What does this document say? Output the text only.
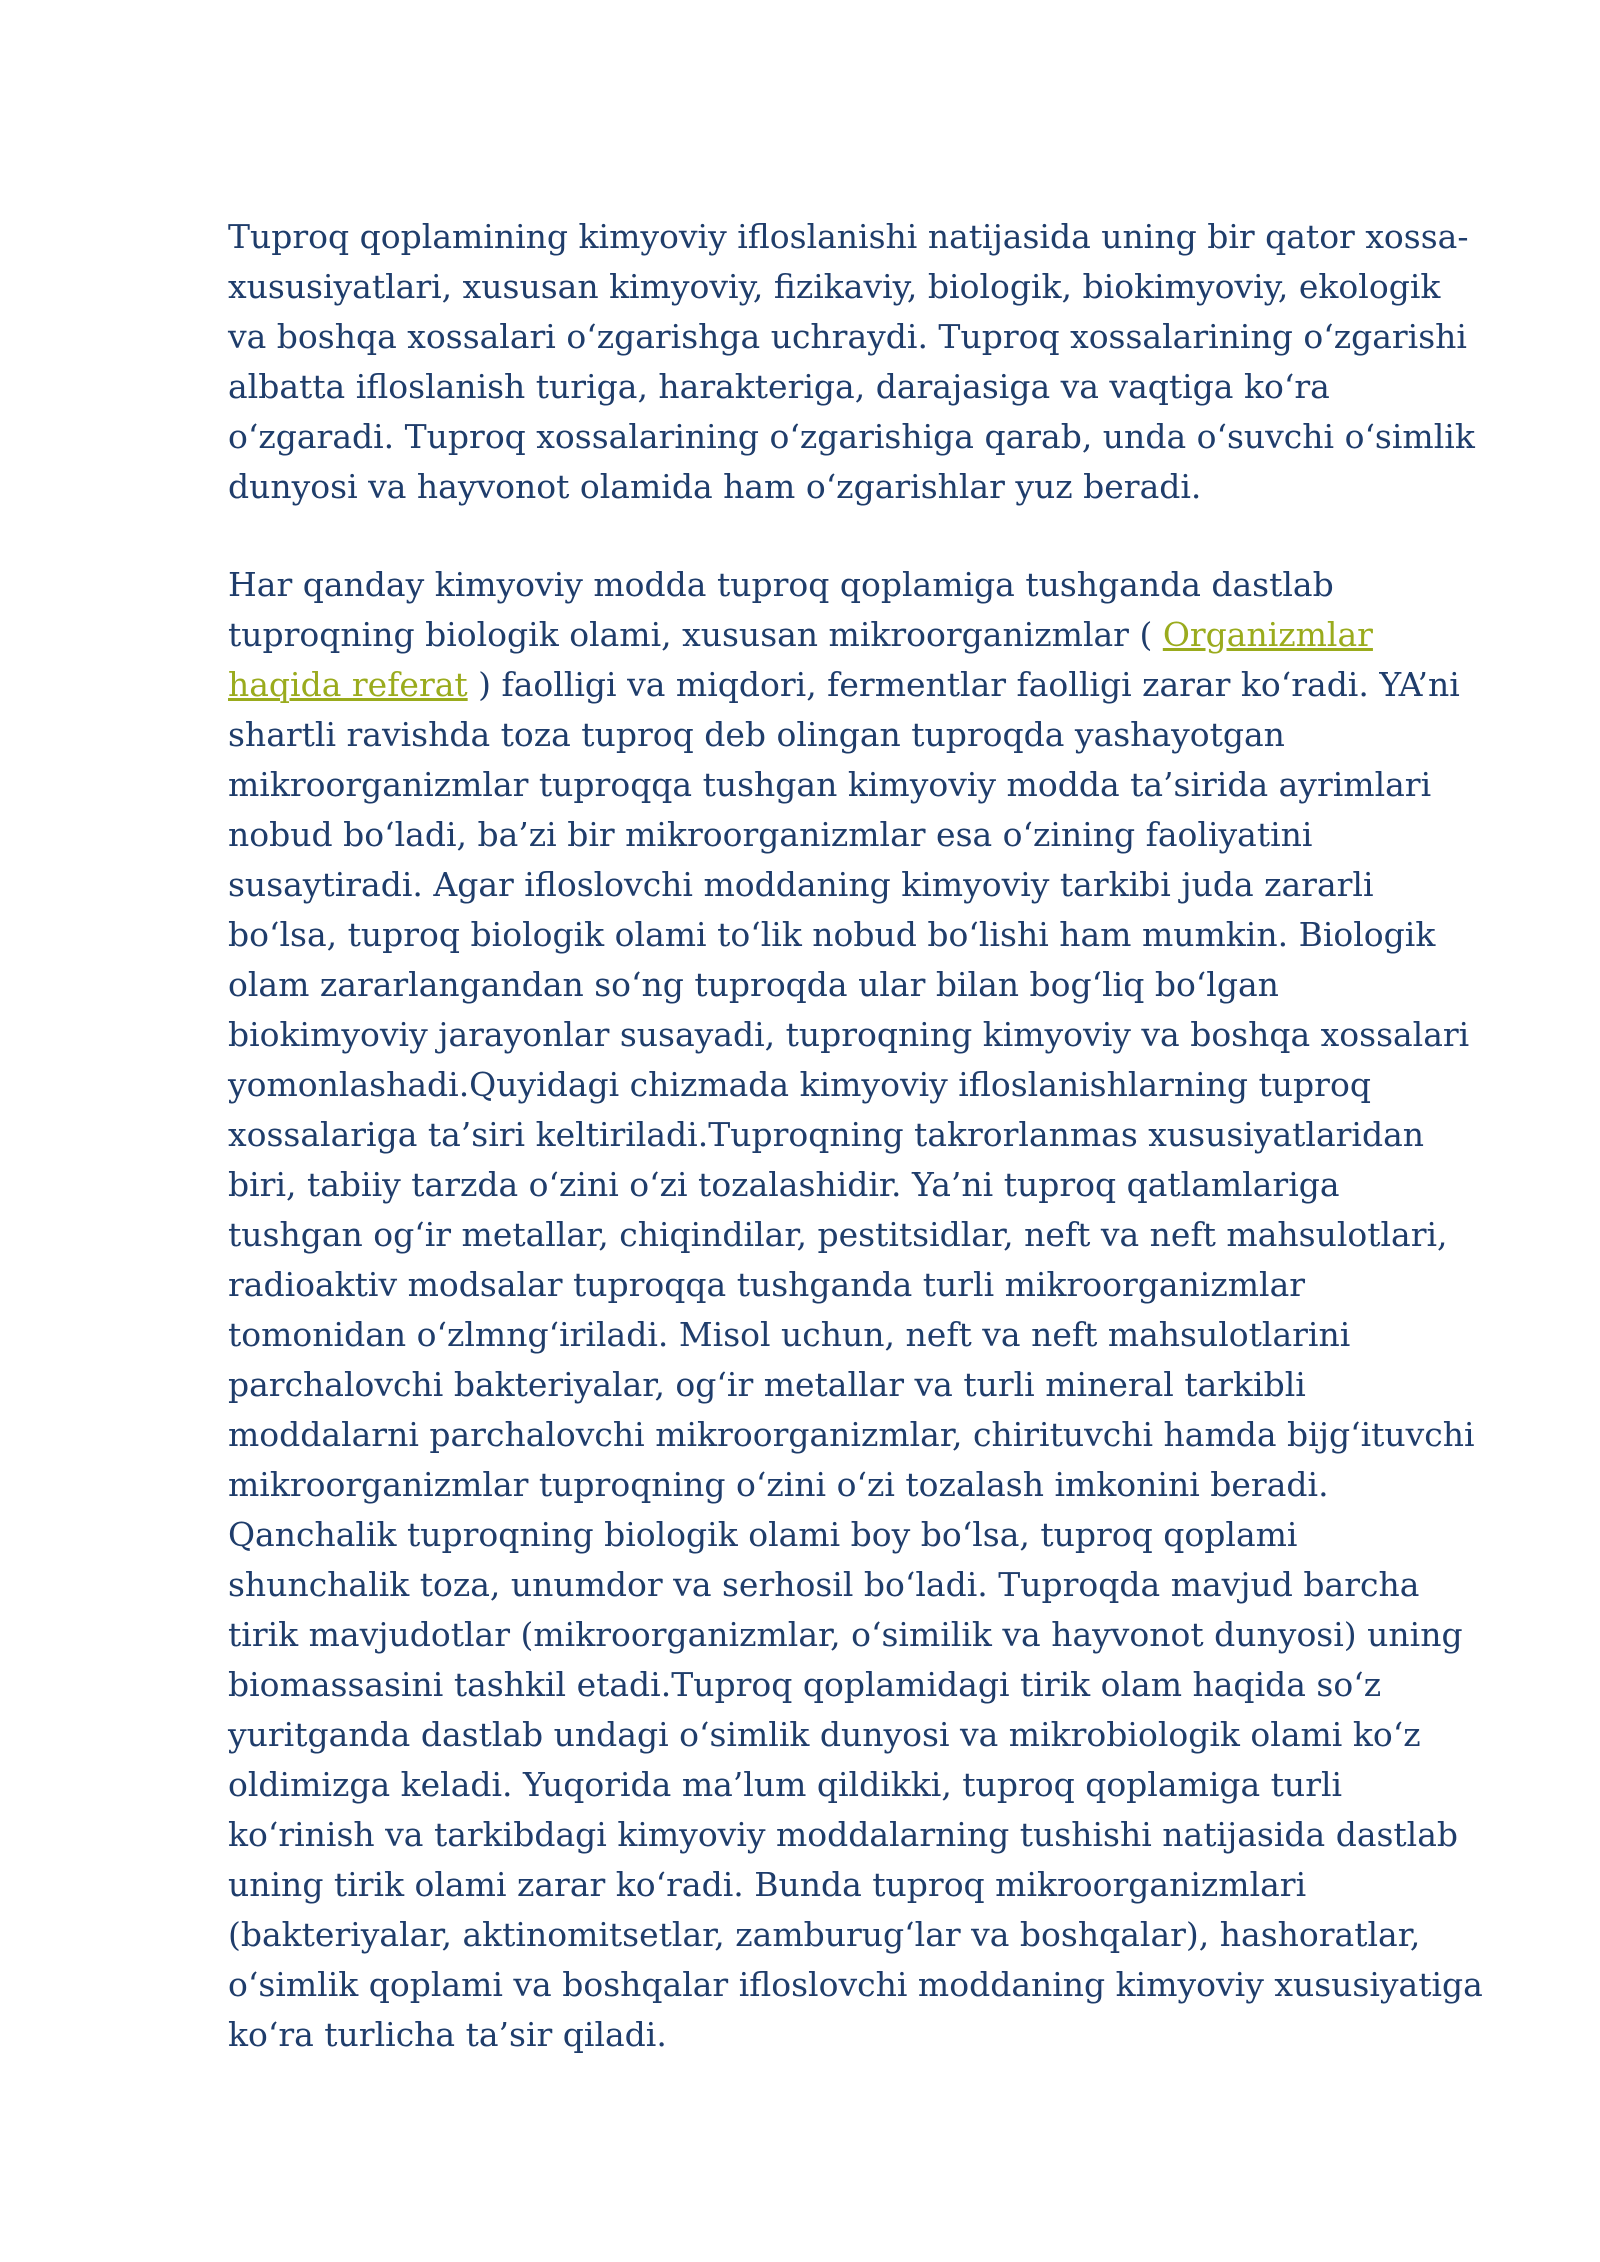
Tuproq qoplamining kimyoviy ifloslanishi natijasida uning bir qator xossa-xususiyatlari, xususan kimyoviy, fizikaviy, biologik, biokimyoviy, ekologik va boshqa xossalari o‘zgarishga uchraydi. Tuproq xossalarining o‘zgarishi albatta ifloslanish turiga, harakteriga, darajasiga va vaqtiga ko‘ra o‘zgaradi. Tuproq xossalarining o‘zgarishiga qarab, unda o‘suvchi o‘simlik dunyosi va hayvonot olamida ham o‘zgarishlar yuz beradi.

Har qanday kimyoviy modda tuproq qoplamiga tushganda dastlab tuproqning biologik olami, xususan mikroorganizmlar ( Organizmlar haqida referat ) faolligi va miqdori, fermentlar faolligi zarar ko‘radi. YA’ni shartli ravishda toza tuproq deb olingan tuproqda yashayotgan mikroorganizmlar tuproqqa tushgan kimyoviy modda ta’sirida ayrimlari nobud bo‘ladi, ba’zi bir mikroorganizmlar esa o‘zining faoliyatini susaytiradi. Agar ifloslovchi moddaning kimyoviy tarkibi juda zararli bo‘lsa, tuproq biologik olami to‘lik nobud bo‘lishi ham mumkin. Biologik olam zararlangandan so‘ng tuproqda ular bilan bog‘liq bo‘lgan biokimyoviy jarayonlar susayadi, tuproqning kimyoviy va boshqa xossalari yomonlashadi.Quyidagi chizmada kimyoviy ifloslanishlarning tuproq xossalariga ta’siri keltiriladi.Tuproqning takrorlanmas xususiyatlaridan biri, tabiiy tarzda o‘zini o‘zi tozalashidir. Ya’ni tuproq qatlamlariga tushgan og‘ir metallar, chiqindilar, pestitsidlar, neft va neft mahsulotlari, radioaktiv modsalar tuproqqa tushganda turli mikroorganizmlar tomonidan o‘zlmng‘iriladi. Misol uchun, neft va neft mahsulotlarini parchalovchi bakteriyalar, og‘ir metallar va turli mineral tarkibli moddalarni parchalovchi mikroorganizmlar, chirituvchi hamda bijg‘ituvchi mikroorganizmlar tuproqning o‘zini o‘zi tozalash imkonini beradi. Qanchalik tuproqning biologik olami boy bo‘lsa, tuproq qoplami shunchalik toza, unumdor va serhosil bo‘ladi. Tuproqda mavjud barcha tirik mavjudotlar (mikroorganizmlar, o‘similik va hayvonot dunyosi) uning biomassasini tashkil etadi.Tuproq qoplamidagi tirik olam haqida so‘z yuritganda dastlab undagi o‘simlik dunyosi va mikrobiologik olami ko‘z oldimizga keladi. Yuqorida ma’lum qildikki, tuproq qoplamiga turli ko‘rinish va tarkibdagi kimyoviy moddalarning tushishi natijasida dastlab uning tirik olami zarar ko‘radi. Bunda tuproq mikroorganizmlari (bakteriyalar, aktinomitsetlar, zamburug‘lar va boshqalar), hashoratlar, o‘simlik qoplami va boshqalar ifloslovchi moddaning kimyoviy xususiyatiga ko‘ra turlicha ta’sir qiladi.
